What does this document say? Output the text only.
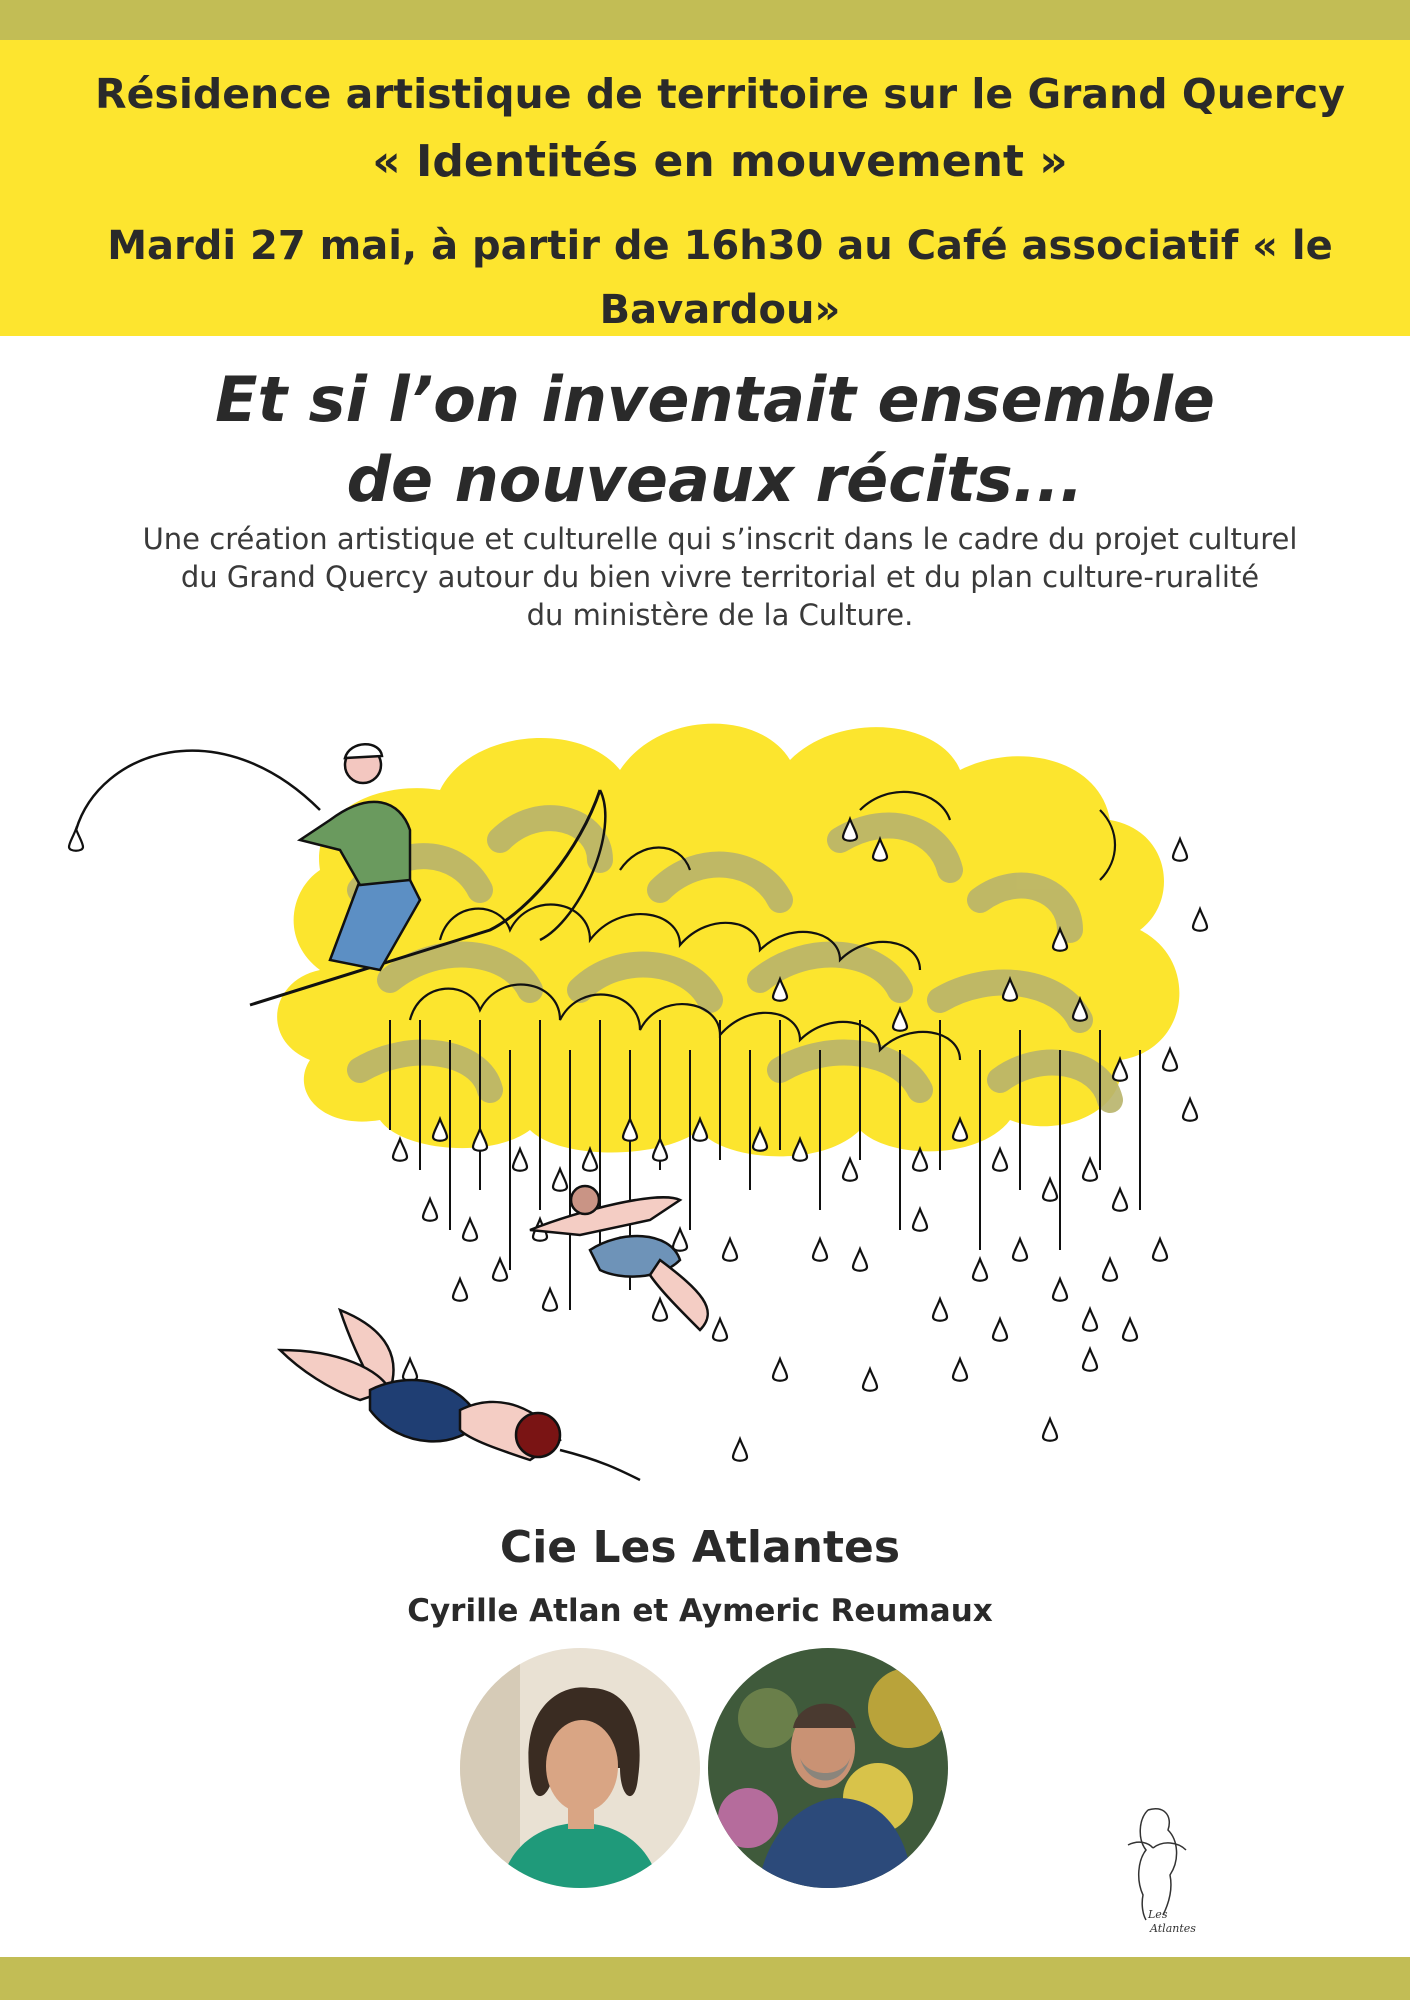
Résidence artistique de territoire sur le Grand Quercy
« Identités en mouvement »
Mardi 27 mai, à partir de 16h30 au Café associatif « le Bavardou»
Et si l’on inventait ensemble
de nouveaux récits...
Une création artistique et culturelle qui s’inscrit dans le cadre du projet culturel
du Grand Quercy autour du bien vivre territorial et du plan culture-ruralité
du ministère de la Culture.
Cie Les Atlantes
Cyrille Atlan et Aymeric Reumaux
Les
Atlantes
